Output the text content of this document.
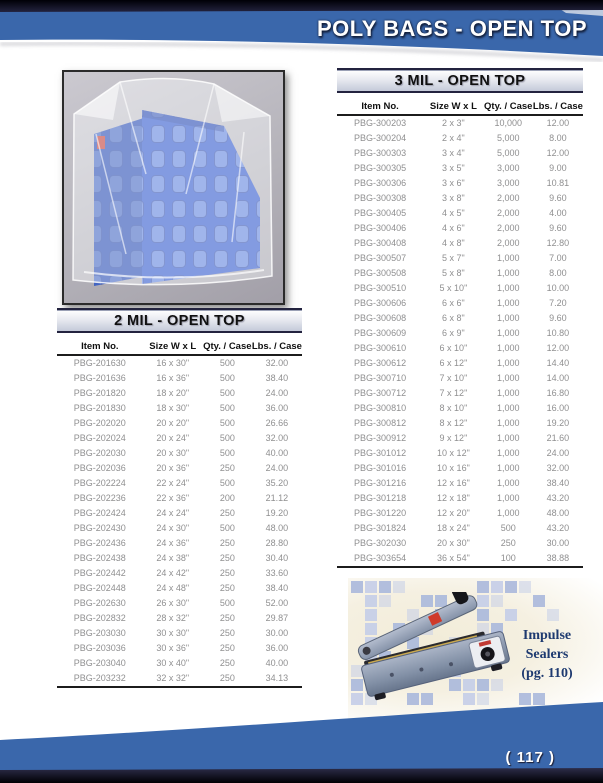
POLY BAGS - OPEN TOP
2 MIL - OPEN TOP
Item No.	Size W x L	Qty. / Case	Lbs. / Case
PBG-201630	16 x 30"	500	32.00
PBG-201636	16 x 36"	500	38.40
PBG-201820	18 x 20"	500	24.00
PBG-201830	18 x 30"	500	36.00
PBG-202020	20 x 20"	500	26.66
PBG-202024	20 x 24"	500	32.00
PBG-202030	20 x 30"	500	40.00
PBG-202036	20 x 36"	250	24.00
PBG-202224	22 x 24"	500	35.20
PBG-202236	22 x 36"	200	21.12
PBG-202424	24 x 24"	250	19.20
PBG-202430	24 x 30"	500	48.00
PBG-202436	24 x 36"	250	28.80
PBG-202438	24 x 38"	250	30.40
PBG-202442	24 x 42"	250	33.60
PBG-202448	24 x 48"	250	38.40
PBG-202630	26 x 30"	500	52.00
PBG-202832	28 x 32"	250	29.87
PBG-203030	30 x 30"	250	30.00
PBG-203036	30 x 36"	250	36.00
PBG-203040	30 x 40"	250	40.00
PBG-203232	32 x 32"	250	34.13
3 MIL - OPEN TOP
Item No.	Size W x L	Qty. / Case	Lbs. / Case
PBG-300203	2 x 3"	10,000	12.00
PBG-300204	2 x 4"	5,000	8.00
PBG-300303	3 x 4"	5,000	12.00
PBG-300305	3 x 5"	3,000	9.00
PBG-300306	3 x 6"	3,000	10.81
PBG-300308	3 x 8"	2,000	9.60
PBG-300405	4 x 5"	2,000	4.00
PBG-300406	4 x 6"	2,000	9.60
PBG-300408	4 x 8"	2,000	12.80
PBG-300507	5 x 7"	1,000	7.00
PBG-300508	5 x 8"	1,000	8.00
PBG-300510	5 x 10"	1,000	10.00
PBG-300606	6 x 6"	1,000	7.20
PBG-300608	6 x 8"	1,000	9.60
PBG-300609	6 x 9"	1,000	10.80
PBG-300610	6 x 10"	1,000	12.00
PBG-300612	6 x 12"	1,000	14.40
PBG-300710	7 x 10"	1,000	14.00
PBG-300712	7 x 12"	1,000	16.80
PBG-300810	8 x 10"	1,000	16.00
PBG-300812	8 x 12"	1,000	19.20
PBG-300912	9 x 12"	1,000	21.60
PBG-301012	10 x 12"	1,000	24.00
PBG-301016	10 x 16"	1,000	32.00
PBG-301216	12 x 16"	1,000	38.40
PBG-301218	12 x 18"	1,000	43.20
PBG-301220	12 x 20"	1,000	48.00
PBG-301824	18 x 24"	500	43.20
PBG-302030	20 x 30"	250	30.00
PBG-303654	36 x 54"	100	38.88
Impulse
Sealers
(pg. 110)
( 117 )
